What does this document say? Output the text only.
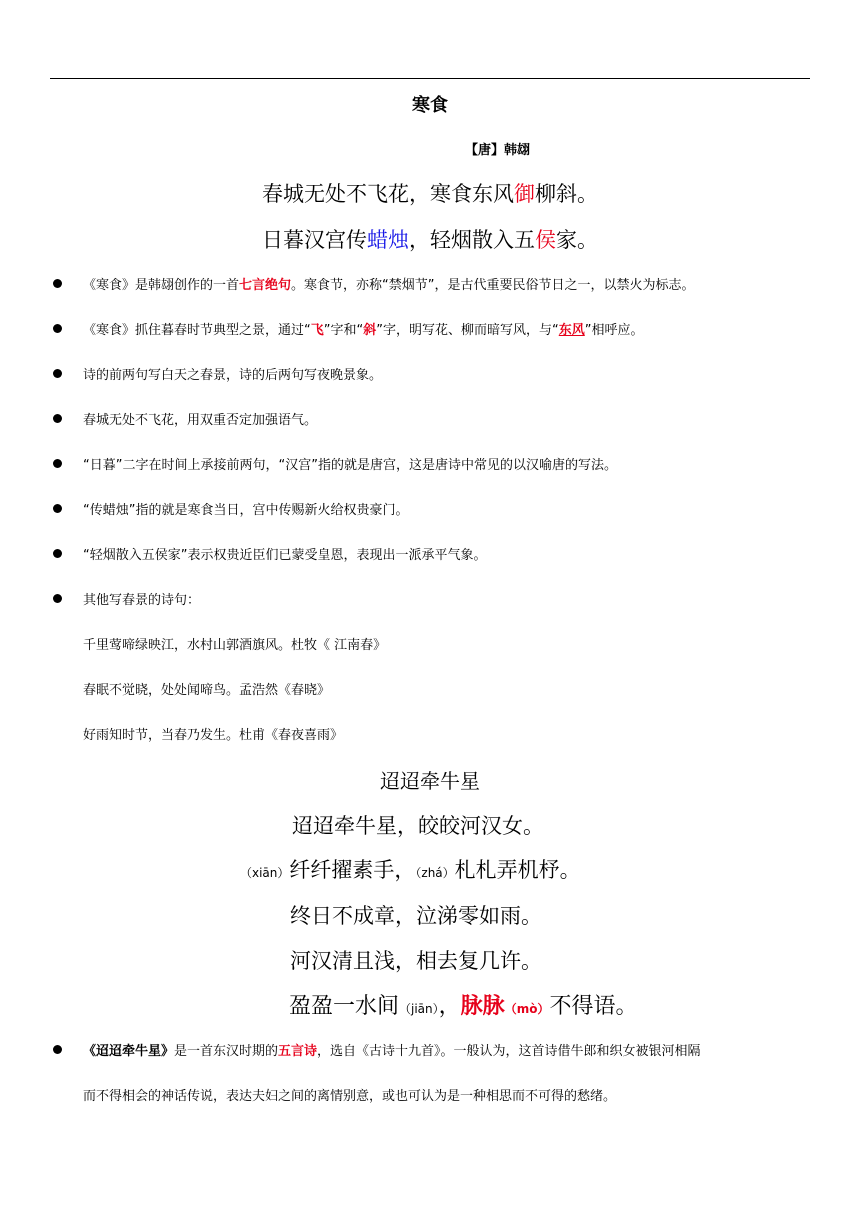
寒食
【唐】韩翃
春城无处不飞花，寒食东风御柳斜。
日暮汉宫传蜡烛，轻烟散入五侯家。
《寒食》是韩翃创作的一首七言绝句。寒食节，亦称“禁烟节”，是古代重要民俗节日之一，以禁火为标志。
《寒食》抓住暮春时节典型之景，通过“飞”字和“斜”字，明写花、柳而暗写风，与“东风”相呼应。
诗的前两句写白天之春景，诗的后两句写夜晚景象。
春城无处不飞花，用双重否定加强语气。
“日暮”二字在时间上承接前两句，“汉宫”指的就是唐宫，这是唐诗中常见的以汉喻唐的写法。
“传蜡烛”指的就是寒食当日，宫中传赐新火给权贵豪门。
“轻烟散入五侯家”表示权贵近臣们已蒙受皇恩，表现出一派承平气象。
其他写春景的诗句：
千里莺啼绿映江，水村山郭酒旗风。杜牧《 江南春》
春眠不觉晓，处处闻啼鸟。孟浩然《春晓》
好雨知时节，当春乃发生。杜甫《春夜喜雨》
迢迢牵牛星
迢迢牵牛星，皎皎河汉女。
（xiān）纤纤擢素手，（zhá）札札弄机杼。
终日不成章，泣涕零如雨。
河汉清且浅，相去复几许。
盈盈一水间（jiān），脉脉（mò）不得语。
《迢迢牵牛星》是一首东汉时期的五言诗，选自《古诗十九首》。一般认为，这首诗借牛郎和织女被银河相隔
而不得相会的神话传说，表达夫妇之间的离情别意，或也可认为是一种相思而不可得的愁绪。
